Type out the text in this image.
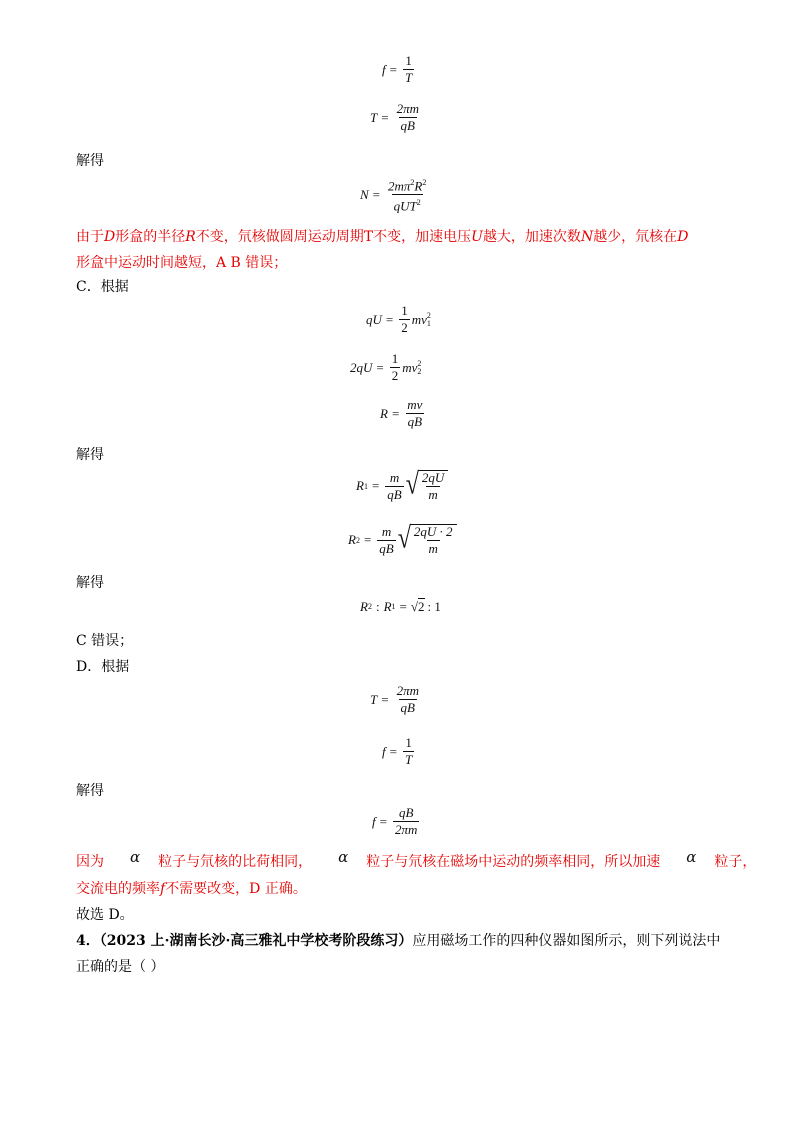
$f = \frac{1}{T}$
$T = \frac{2\pi m}{qB}$
解得
$N = \frac{2m\pi^2R^2}{qUT^2}$
由于D形盒的半径R不变，氘核做圆周运动周期T不变，加速电压U越大，加速次数N越少，氘核在D
形盒中运动时间越短，A B 错误；
C．根据
qU = $\frac{1}{2}$ mv 2
1
$2qU = \frac{1}{2}$ mv 2
2
$R = \frac{mv}{qB}$
解得
R $1 = \frac{m}{qB}$ √ $\frac{2qU}{m}$
R $2 = \frac{m}{qB}$ √ $\frac{2qU \cdot 2}{m}$
解得
R 2 : R 1 = √ 2 : 1
C 错误；
D．根据
$T = \frac{2\pi m}{qB}$
$f = \frac{1}{T}$
解得
$f = \frac{qB}{2\pi m}$
因为 α 粒子与氘核的比荷相同， α 粒子与氘核在磁场中运动的频率相同，所以加速 α 粒子，
交流电的频率f不需要改变，D 正确。
故选 D。
4．（2023 上·湖南长沙·高三雅礼中学校考阶段练习）应用磁场工作的四种仪器如图所示，则下列说法中
正确的是（ ）
